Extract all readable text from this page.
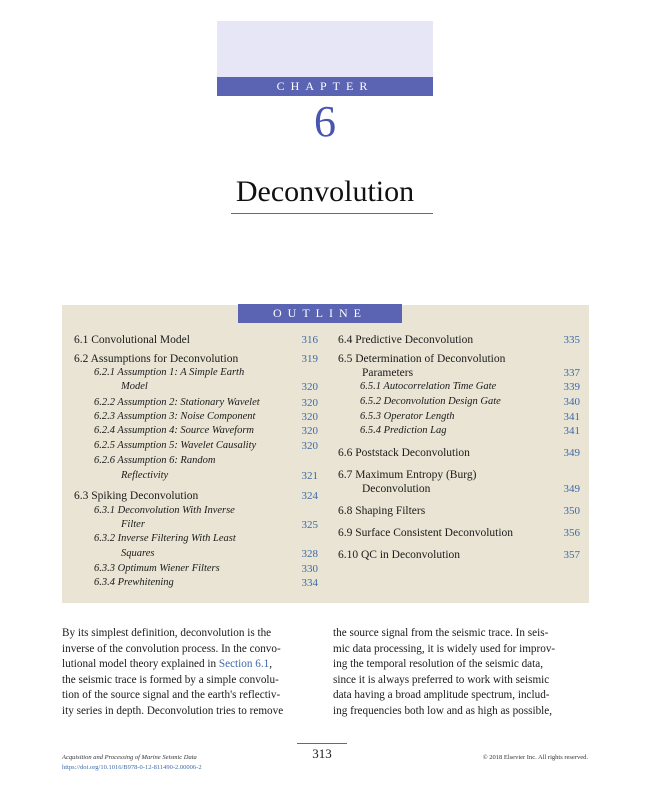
CHAPTER
6
Deconvolution
OUTLINE
6.1 Convolutional Model	316
6.2 Assumptions for Deconvolution	319
6.2.1 Assumption 1: A Simple Earth
Model	320
6.2.2 Assumption 2: Stationary Wavelet	320
6.2.3 Assumption 3: Noise Component	320
6.2.4 Assumption 4: Source Waveform	320
6.2.5 Assumption 5: Wavelet Causality	320
6.2.6 Assumption 6: Random
Reflectivity	321
6.3 Spiking Deconvolution	324
6.3.1 Deconvolution With Inverse
Filter	325
6.3.2 Inverse Filtering With Least
Squares	328
6.3.3 Optimum Wiener Filters	330
6.3.4 Prewhitening	334
6.4 Predictive Deconvolution	335
6.5 Determination of Deconvolution
Parameters	337
6.5.1 Autocorrelation Time Gate	339
6.5.2 Deconvolution Design Gate	340
6.5.3 Operator Length	341
6.5.4 Prediction Lag	341
6.6 Poststack Deconvolution	349
6.7 Maximum Entropy (Burg)
Deconvolution	349
6.8 Shaping Filters	350
6.9 Surface Consistent Deconvolution	356
6.10 QC in Deconvolution	357
By its simplest definition, deconvolution is the
inverse of the convolution process. In the convo-
lutional model theory explained in Section 6.1,
the seismic trace is formed by a simple convolu-
tion of the source signal and the earth's reflectiv-
ity series in depth. Deconvolution tries to remove
the source signal from the seismic trace. In seis-
mic data processing, it is widely used for improv-
ing the temporal resolution of the seismic data,
since it is always preferred to work with seismic
data having a broad amplitude spectrum, includ-
ing frequencies both low and as high as possible,
313
Acquisition and Processing of Marine Seismic Data
https://doi.org/10.1016/B978-0-12-811490-2.00006-2
© 2018 Elsevier Inc. All rights reserved.
